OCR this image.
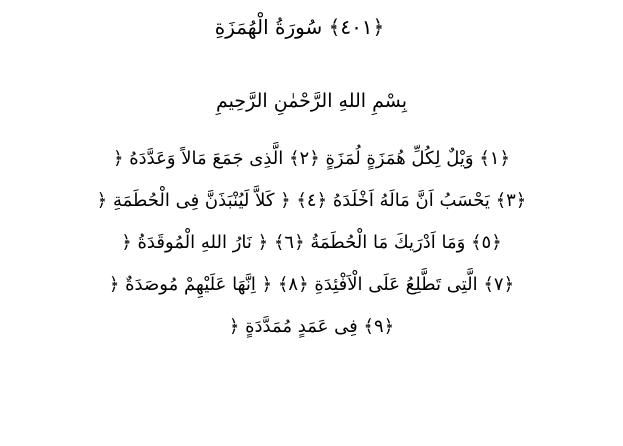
﴿١٠٤﴾ سُورَةُ الْهُمَزَةِ
بِسْمِ اللهِ الرَّحْمٰنِ الرَّحِيمِ
﴿١﴾ وَيْلٌ لِكُلِّ هُمَزَةٍ لُمَزَةٍ ﴿٢﴾ الَّذِى جَمَعَ مَالاً وَعَدَّدَهُ ﴿
﴿٣﴾ يَحْسَبُ اَنَّ مَالَهُ اَخْلَدَهُ ﴿٤﴾ ﴿ كَلاَّ لَيُنْبَذَنَّ فِى الْحُطَمَةِ ﴿
﴿٥﴾ وَمَا اَدْرَيكَ مَا الْحُطَمَةُ ﴿٦﴾ ﴿ نَارُ اللهِ الْمُوقَدَةُ ﴿
﴿٧﴾ الَّتِى تَطَّلِعُ عَلَى الْاَفْئِدَةِ ﴿٨﴾ ﴿ اِنَّهَا عَلَيْهِمْ مُوصَدَةٌ ﴿
﴿٩﴾ فِى عَمَدٍ مُمَدَّدَةٍ ﴿
